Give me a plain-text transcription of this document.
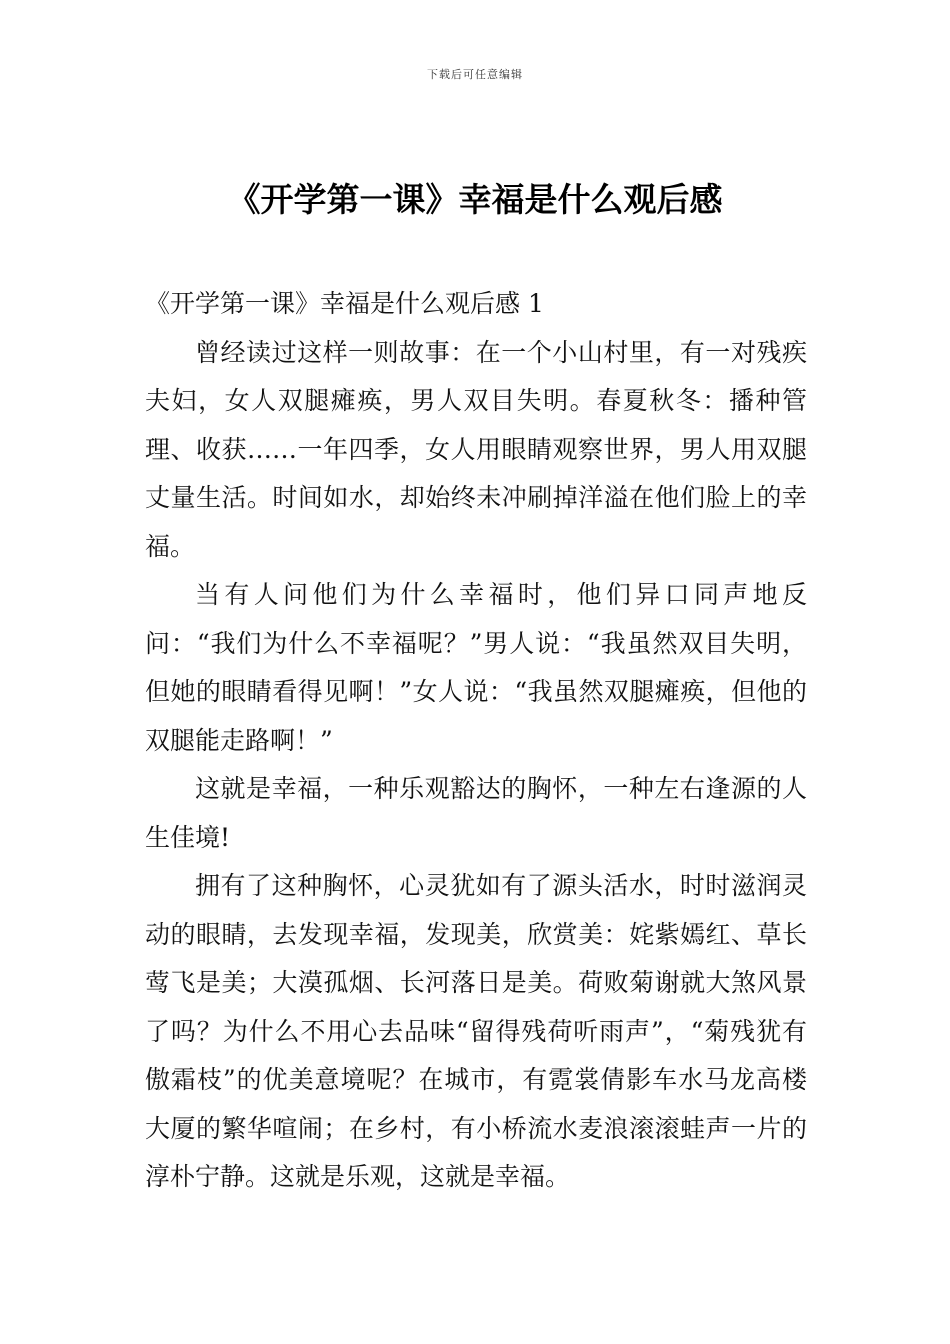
下载后可任意编辑
《开学第一课》幸福是什么观后感

《开学第一课》幸福是什么观后感 1

曾经读过这样一则故事：在一个小山村里，有一对残疾夫妇，女人双腿瘫痪，男人双目失明。春夏秋冬：播种管理、收获……一年四季，女人用眼睛观察世界，男人用双腿丈量生活。时间如水，却始终未冲刷掉洋溢在他们脸上的幸福。

当有人问他们为什么幸福时，他们异口同声地反问：“我们为什么不幸福呢？”男人说：“我虽然双目失明，但她的眼睛看得见啊！”女人说：“我虽然双腿瘫痪，但他的双腿能走路啊！”

这就是幸福，一种乐观豁达的胸怀，一种左右逢源的人生佳境!

拥有了这种胸怀，心灵犹如有了源头活水，时时滋润灵动的眼睛，去发现幸福，发现美，欣赏美：姹紫嫣红、草长莺飞是美；大漠孤烟、长河落日是美。荷败菊谢就大煞风景了吗？为什么不用心去品味“留得残荷听雨声”，“菊残犹有傲霜枝”的优美意境呢？在城市，有霓裳倩影车水马龙高楼大厦的繁华喧闹；在乡村，有小桥流水麦浪滚滚蛙声一片的淳朴宁静。这就是乐观，这就是幸福。
